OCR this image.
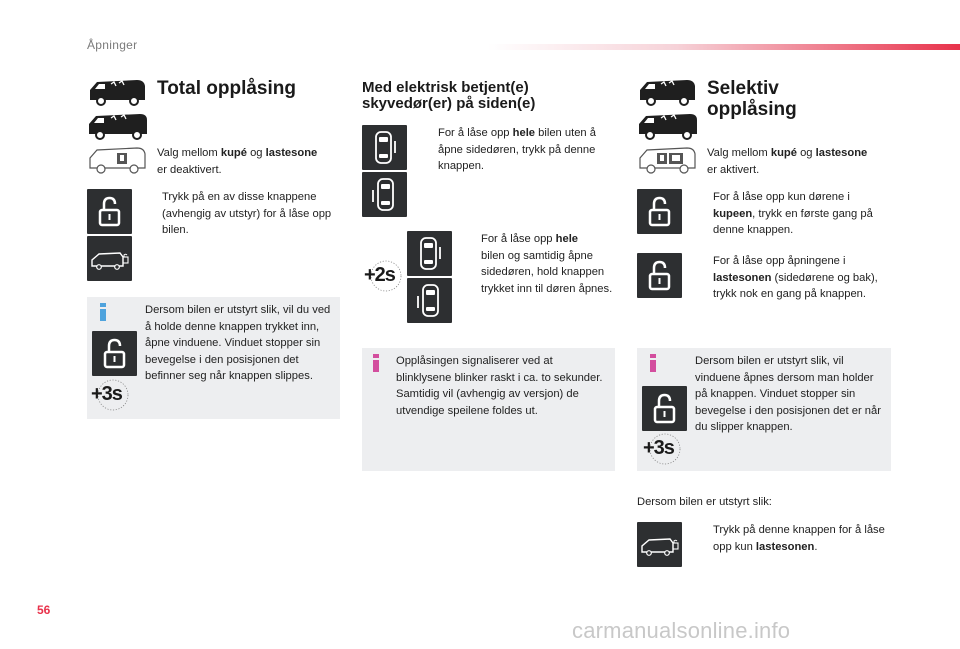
Åpninger
Total opplåsing
Valg mellom kupé og lastesone
er deaktivert.
Trykk på en av disse knappene (avhengig av utstyr) for å låse opp bilen.
+3s
Dersom bilen er utstyrt slik, vil du ved å holde denne knappen trykket inn, åpne vinduene. Vinduet stopper sin bevegelse i den posisjonen det befinner seg når knappen slippes.
Med elektrisk betjent(e)
skyvedør(er) på siden(e)
For å låse opp hele bilen uten å åpne sidedøren, trykk på denne knappen.
+2s
For å låse opp hele
bilen og samtidig åpne sidedøren, hold knappen trykket inn til døren åpnes.
Opplåsingen signaliserer ved at blinklysene blinker raskt i ca. to sekunder. Samtidig vil (avhengig av versjon) de utvendige speilene foldes ut.
Selektiv
opplåsing
Valg mellom kupé og lastesone
er aktivert.
For å låse opp kun dørene i kupeen, trykk en første gang på denne knappen.
For å låse opp åpningene i lastesonen (sidedørene og bak), trykk nok en gang på knappen.
+3s
Dersom bilen er utstyrt slik, vil vinduene åpnes dersom man holder på knappen. Vinduet stopper sin bevegelse i den posisjonen det er når du slipper knappen.
Dersom bilen er utstyrt slik:
Trykk på denne knappen for å låse opp kun lastesonen.
56
carmanualsonline.info
